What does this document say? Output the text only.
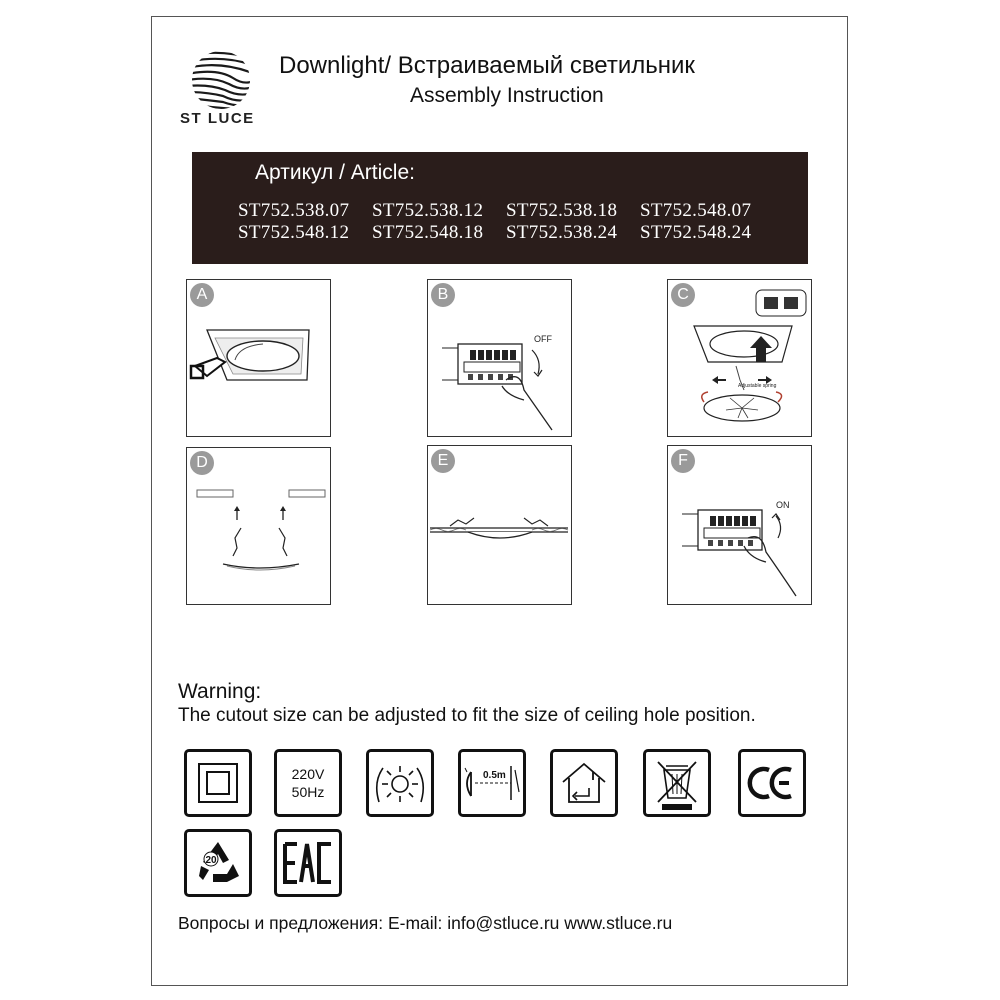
ST LUCE
Downlight/ Встраиваемый светильник
Assembly Instruction
Артикул / Article:
ST752.538.07 ST752.538.12 ST752.538.18 ST752.548.07
ST752.548.12 ST752.548.18 ST752.538.24 ST752.548.24
A
OFF
B
Adjustable spring
C
D	E
ON
F
Warning:
The cutout size can be adjusted to fit the size of ceiling hole position.
220V
50Hz
0.5m
20
Вопросы и предложения: E-mail: info@stluce.ru www.stluce.ru
